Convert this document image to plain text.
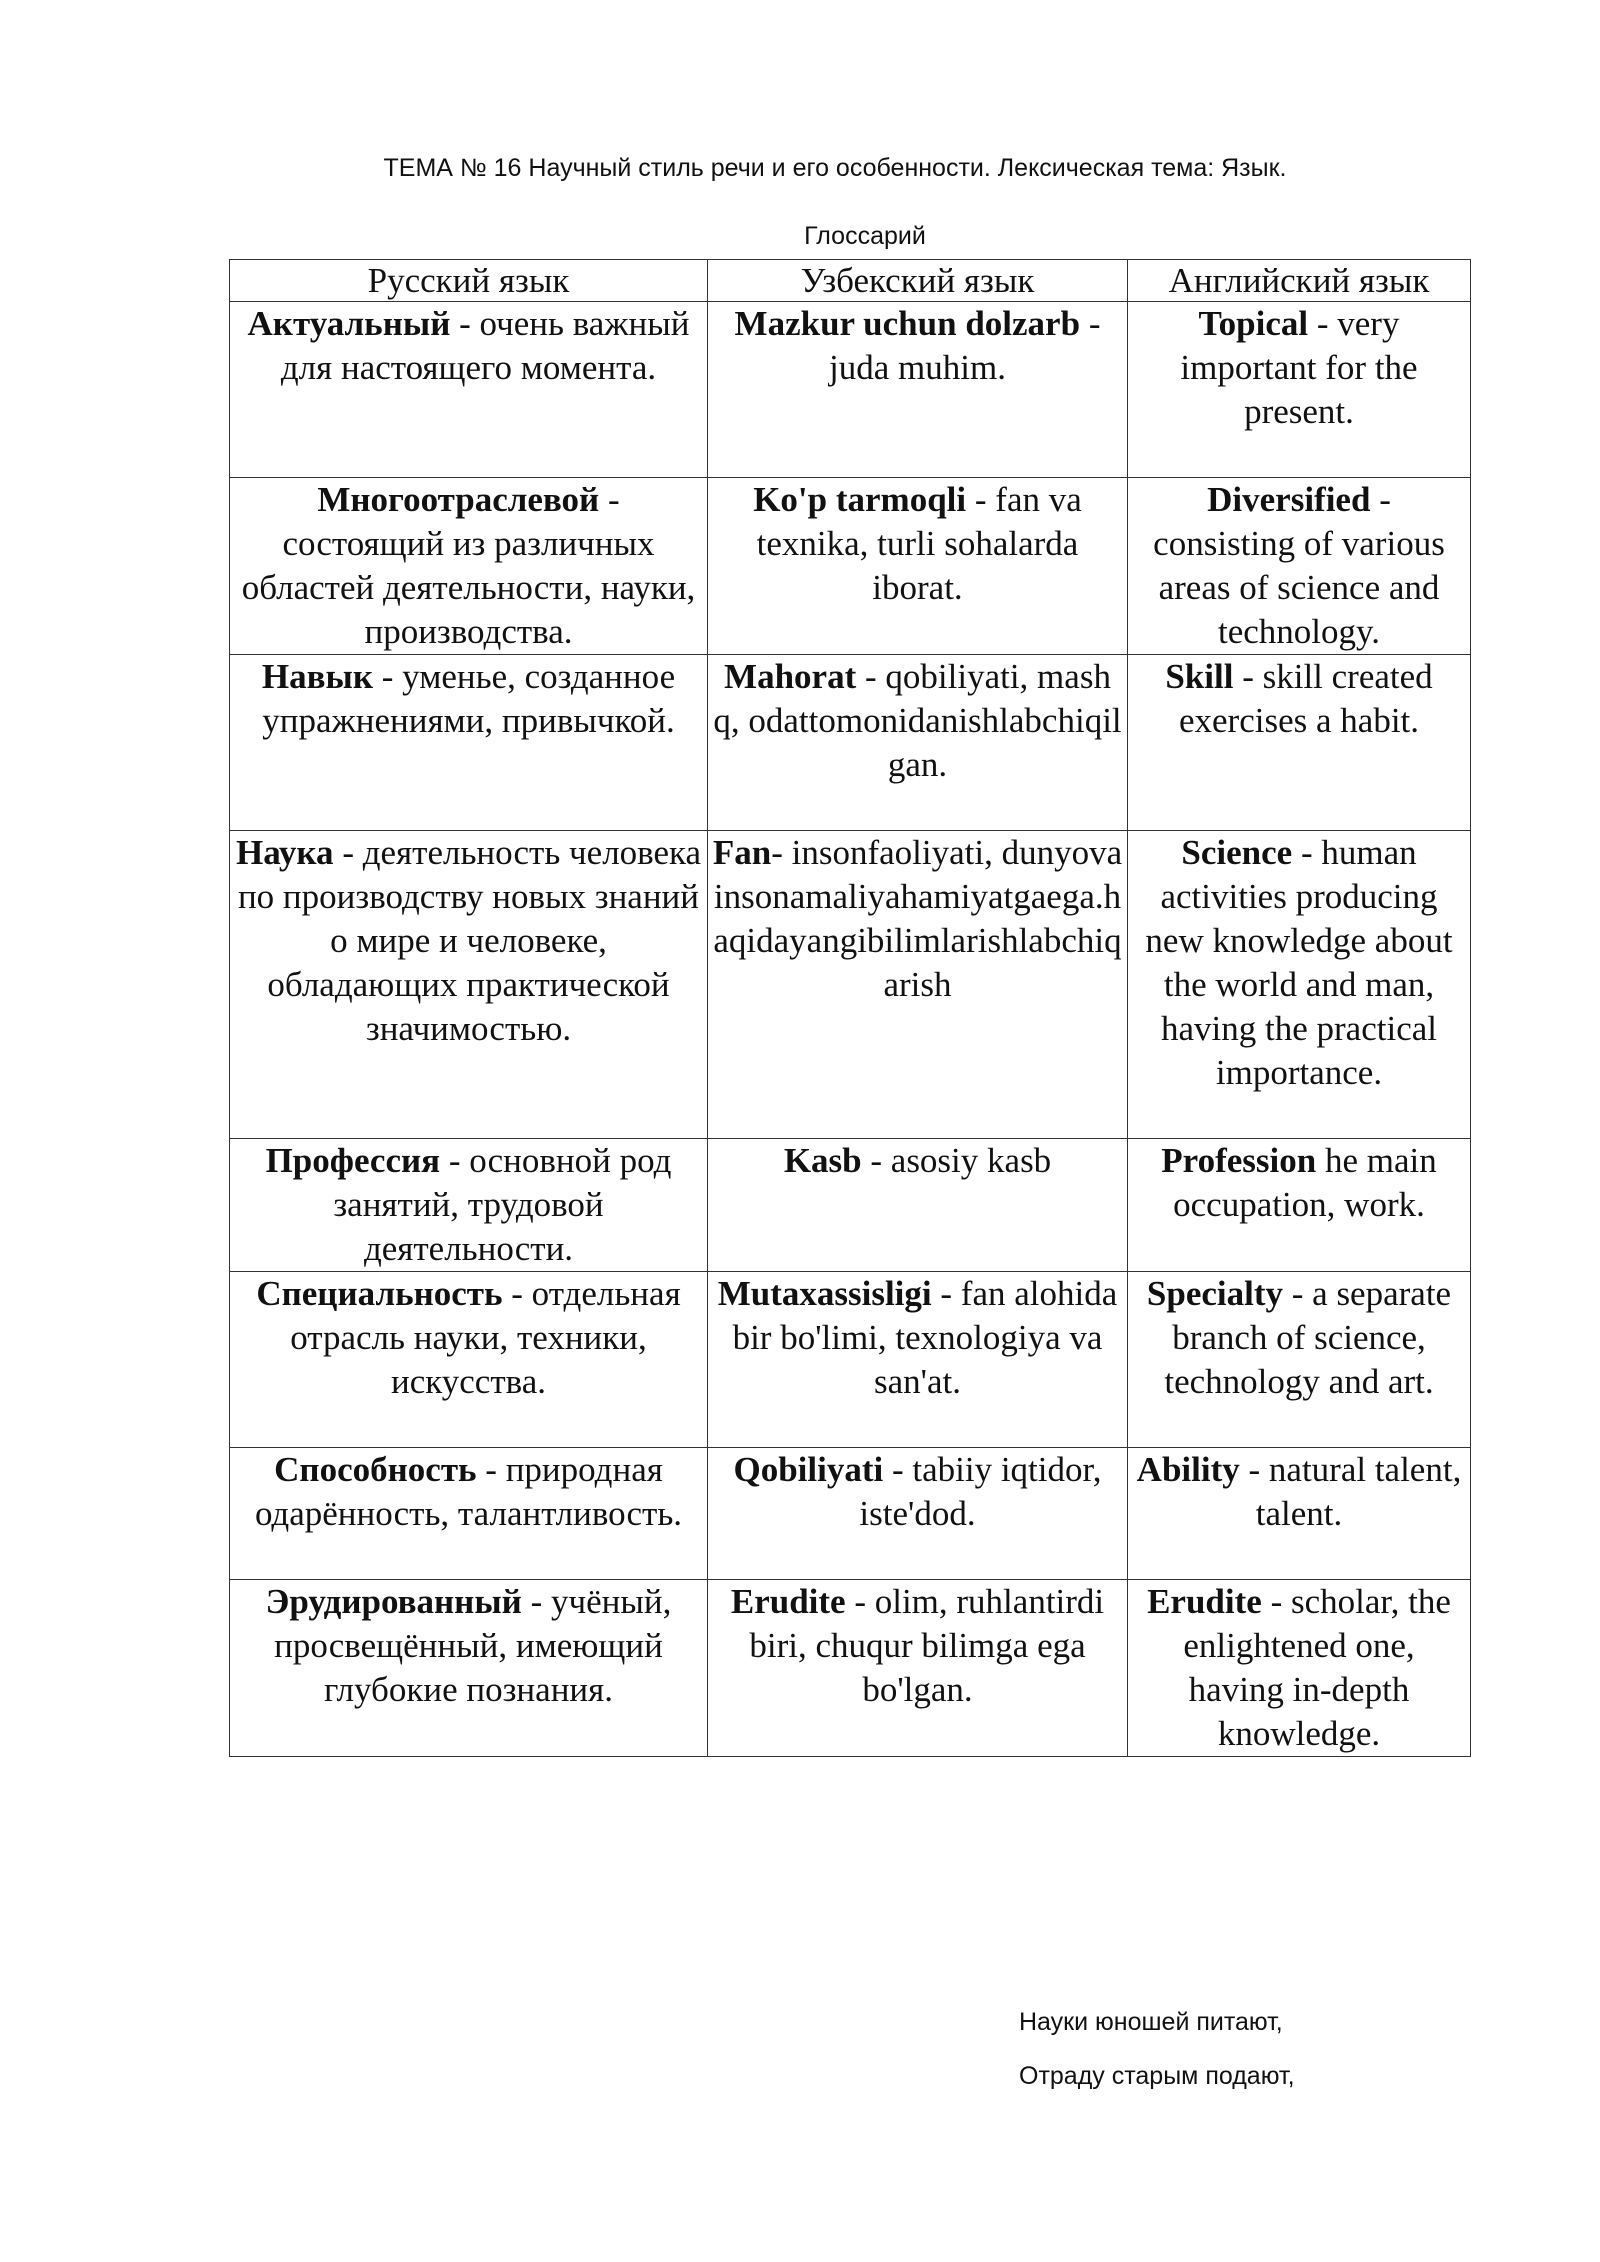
ТЕМА № 16 Научный стиль речи и его особенности. Лексическая тема: Язык.
Глоссарий
Русский язык	Узбекский язык	Английский язык
Актуальный - очень важный для настоящего момента.	Mazkur uchun dolzarb - juda muhim.	Topical - very important for the present.
Многоотраслевой - состоящий из различных областей деятельности, науки, производства.	Ko'p tarmoqli - fan va texnika, turli sohalarda iborat.	Diversified - consisting of various areas of science and technology.
Навык - уменье, созданное упражнениями, привычкой.	Mahorat - qobiliyati, mashq, odattomonidanishlabchiqilgan.	Skill - skill created exercises a habit.
Наука - деятельность человека по производству новых знаний о мире и человеке, обладающих практической значимостью.	Fan- insonfaoliyati, dunyovainsonamaliyahamiyatgaega.haqidayangibilimlarishlabchiqarish	Science - human activities producing new knowledge about the world and man, having the practical importance.
Профессия - основной род занятий, трудовой деятельности.	Kasb - asosiy kasb	Profession he main occupation, work.
Специальность - отдельная отрасль науки, техники, искусства.	Mutaxassisligi - fan alohida bir bo'limi, texnologiya va san'at.	Specialty - a separate branch of science, technology and art.
Способность - природная одарённость, талантливость.	Qobiliyati - tabiiy iqtidor, iste'dod.	Ability - natural talent, talent.
Эрудированный - учёный, просвещённый, имеющий глубокие познания.	Erudite - olim, ruhlantirdi biri, chuqur bilimga ega bo'lgan.	Erudite - scholar, the enlightened one, having in-depth knowledge.
Науки юношей питают,
Отраду старым подают,
